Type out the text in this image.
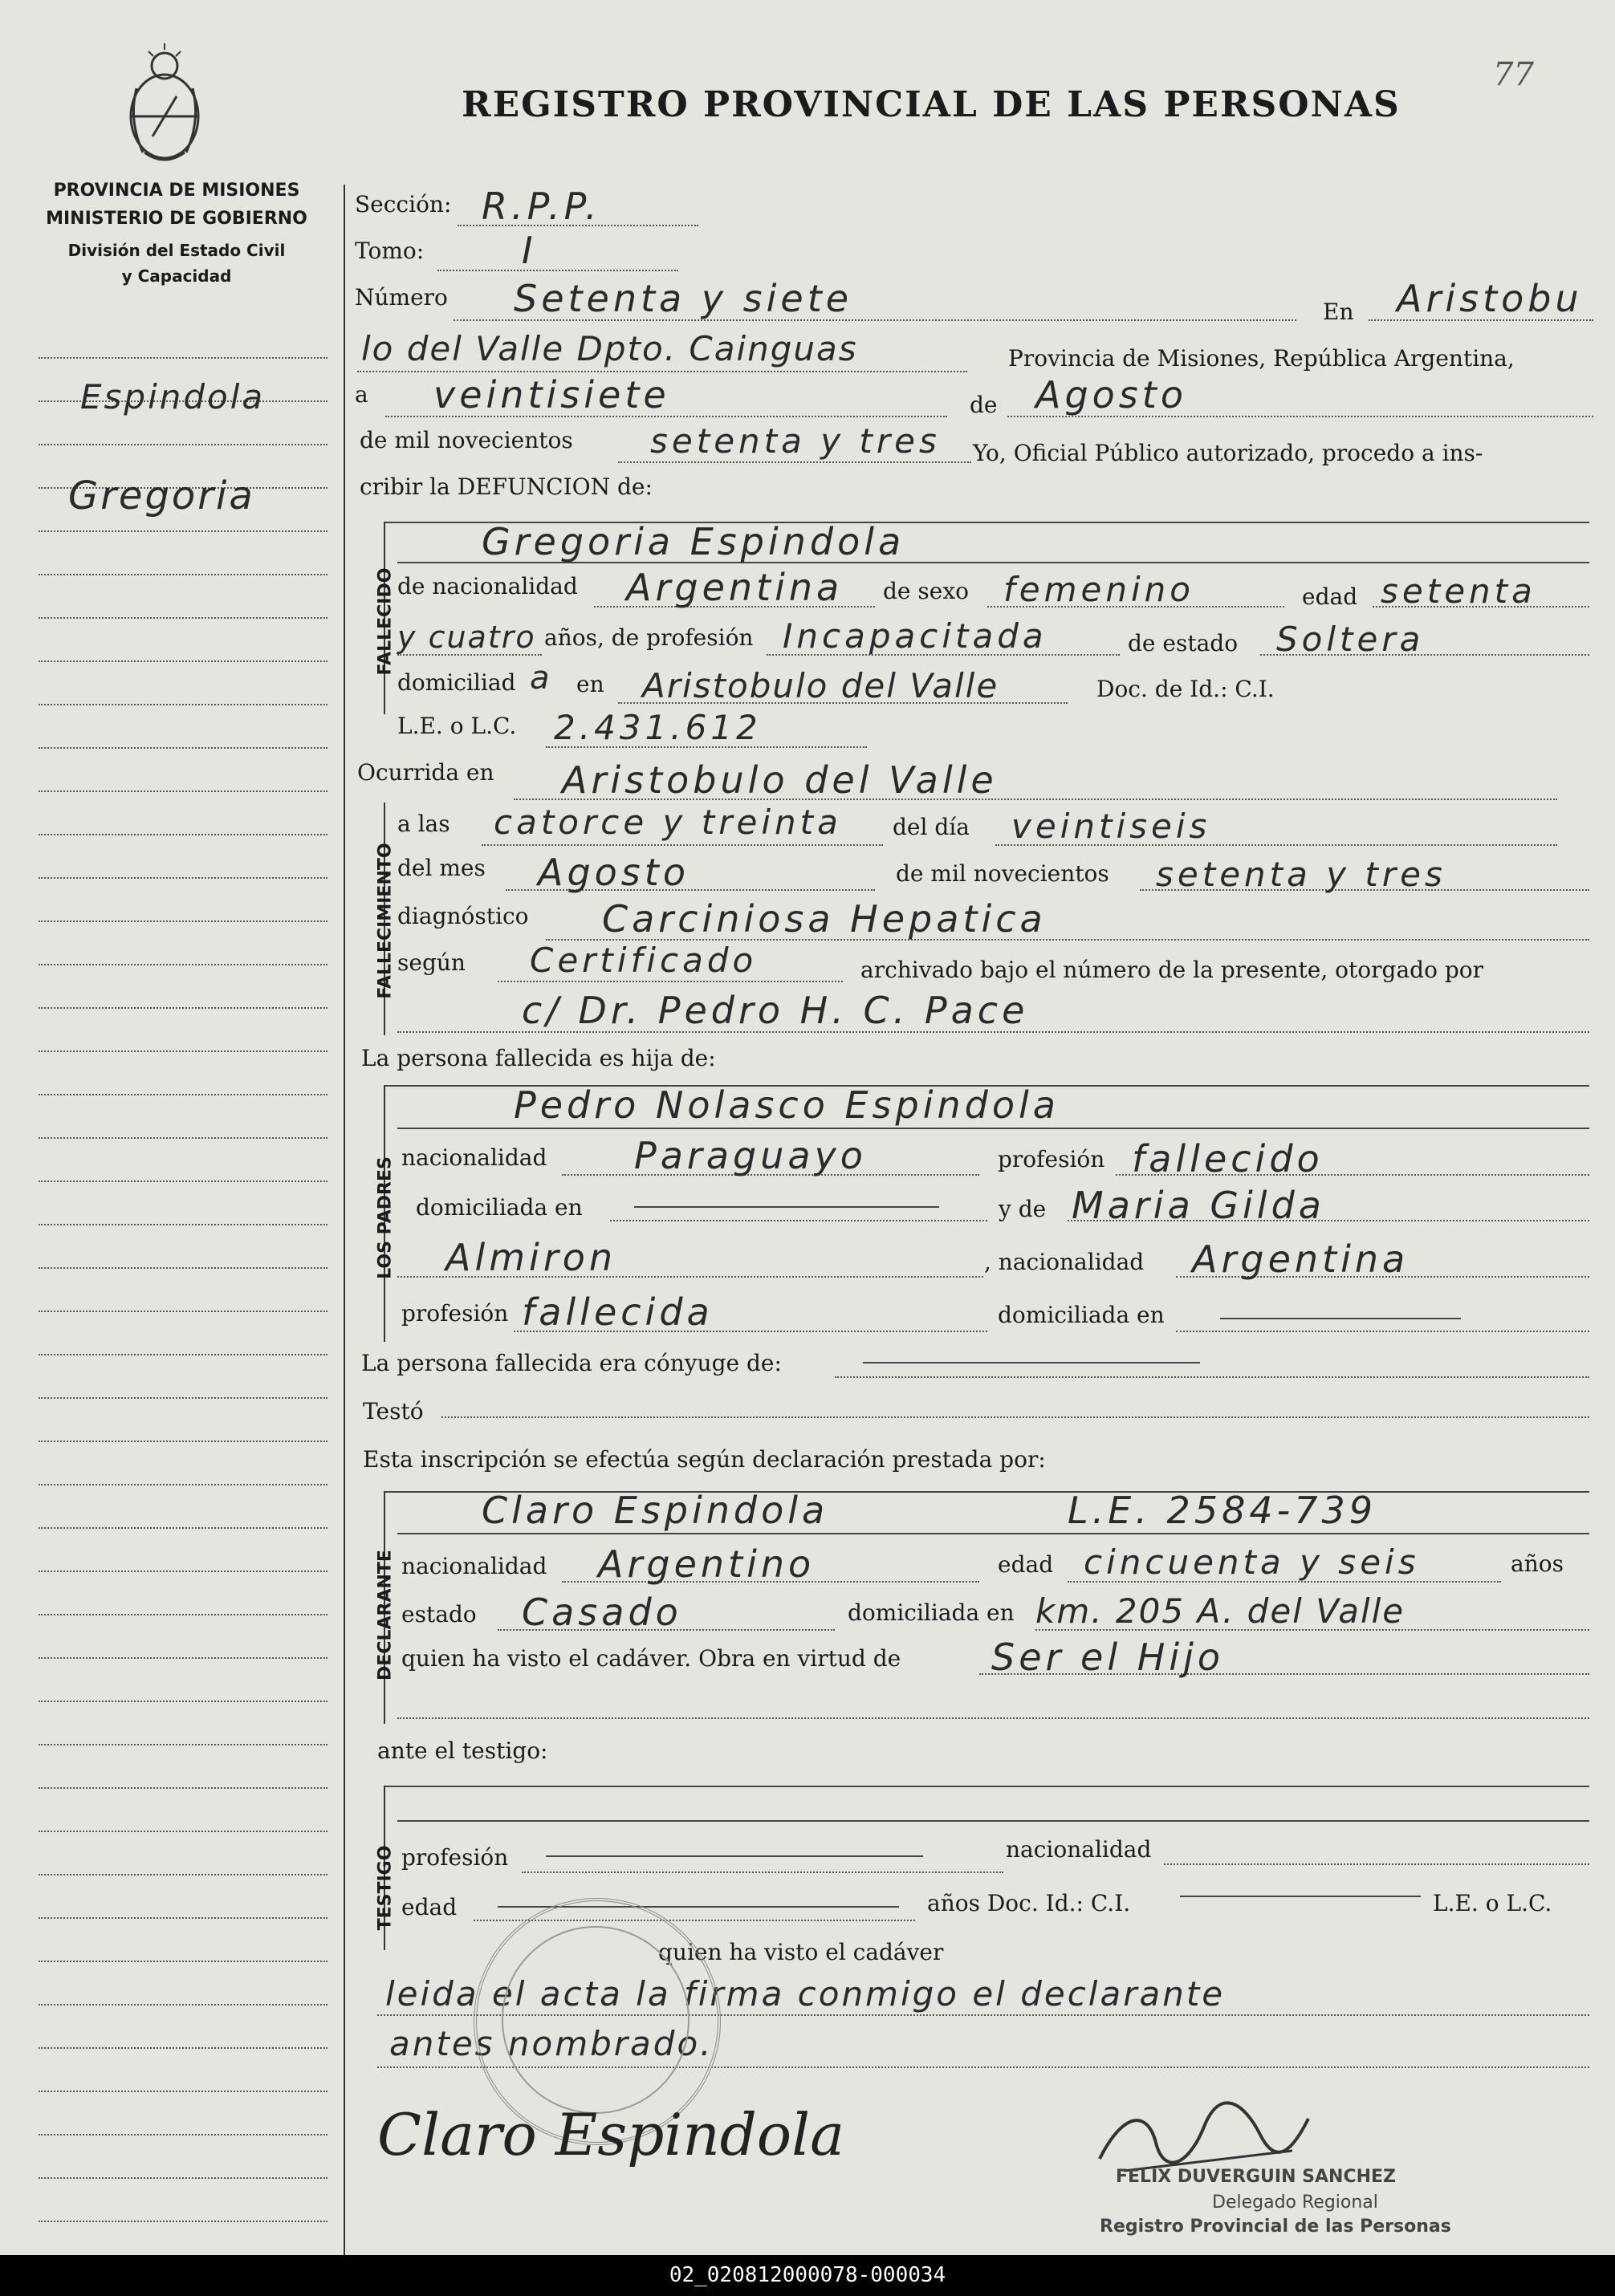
77
REGISTRO PROVINCIAL DE LAS PERSONAS
PROVINCIA DE MISIONES
MINISTERIO DE GOBIERNO
División del Estado Civil
y Capacidad
Espindola
Gregoria
Sección: R.P.P.
Tomo:	I
Número Setenta y siete	En Aristobu
lo del Valle Dpto. Cainguas	Provincia de Misiones, República Argentina,
a veintisiete	de Agosto
de mil novecientos setenta y tres Yo, Oficial Público autorizado, procedo a ins-
cribir la DEFUNCION de:
FALLECIDO
Gregoria Espindola
de nacionalidad Argentina de sexo femenino	edad setenta
y cuatro años, de profesión Incapacitada	de estado Soltera
domiciliad a en Aristobulo del Valle	Doc. de Id.: C.I.
L.E. o L.C. 2.431.612
Ocurrida en Aristobulo del Valle
FALLECIMIENTO
a las catorce y treinta del día veintiseis
del mes Agosto	de mil novecientos setenta y tres
diagnóstico Carciniosa Hepatica
según Certificado	archivado bajo el número de la presente, otorgado por
c/ Dr. Pedro H. C. Pace
La persona fallecida es hija de:
LOS PADRES
Pedro Nolasco Espindola
nacionalidad Paraguayo	profesión fallecido
domiciliada en	y de Maria Gilda
Almiron	, nacionalidad Argentina
profesión fallecida	domiciliada en
La persona fallecida era cónyuge de:
Testó
Esta inscripción se efectúa según declaración prestada por:
DECLARANTE
Claro Espindola	L.E. 2584-739
nacionalidad Argentino	edad cincuenta y seis	años
estado Casado	domiciliada en km. 205 A. del Valle
quien ha visto el cadáver. Obra en virtud de Ser el Hijo
ante el testigo:
TESTIGO profesión	nacionalidad
edad	años Doc. Id.: C.I.	L.E. o L.C.
quien ha visto el cadáver
leida el acta la firma conmigo el declarante
antes nombrado.
Claro Espindola
FELIX DUVERGUIN SANCHEZ
Delegado Regional
Registro Provincial de las Personas
02_020812000078-000034
